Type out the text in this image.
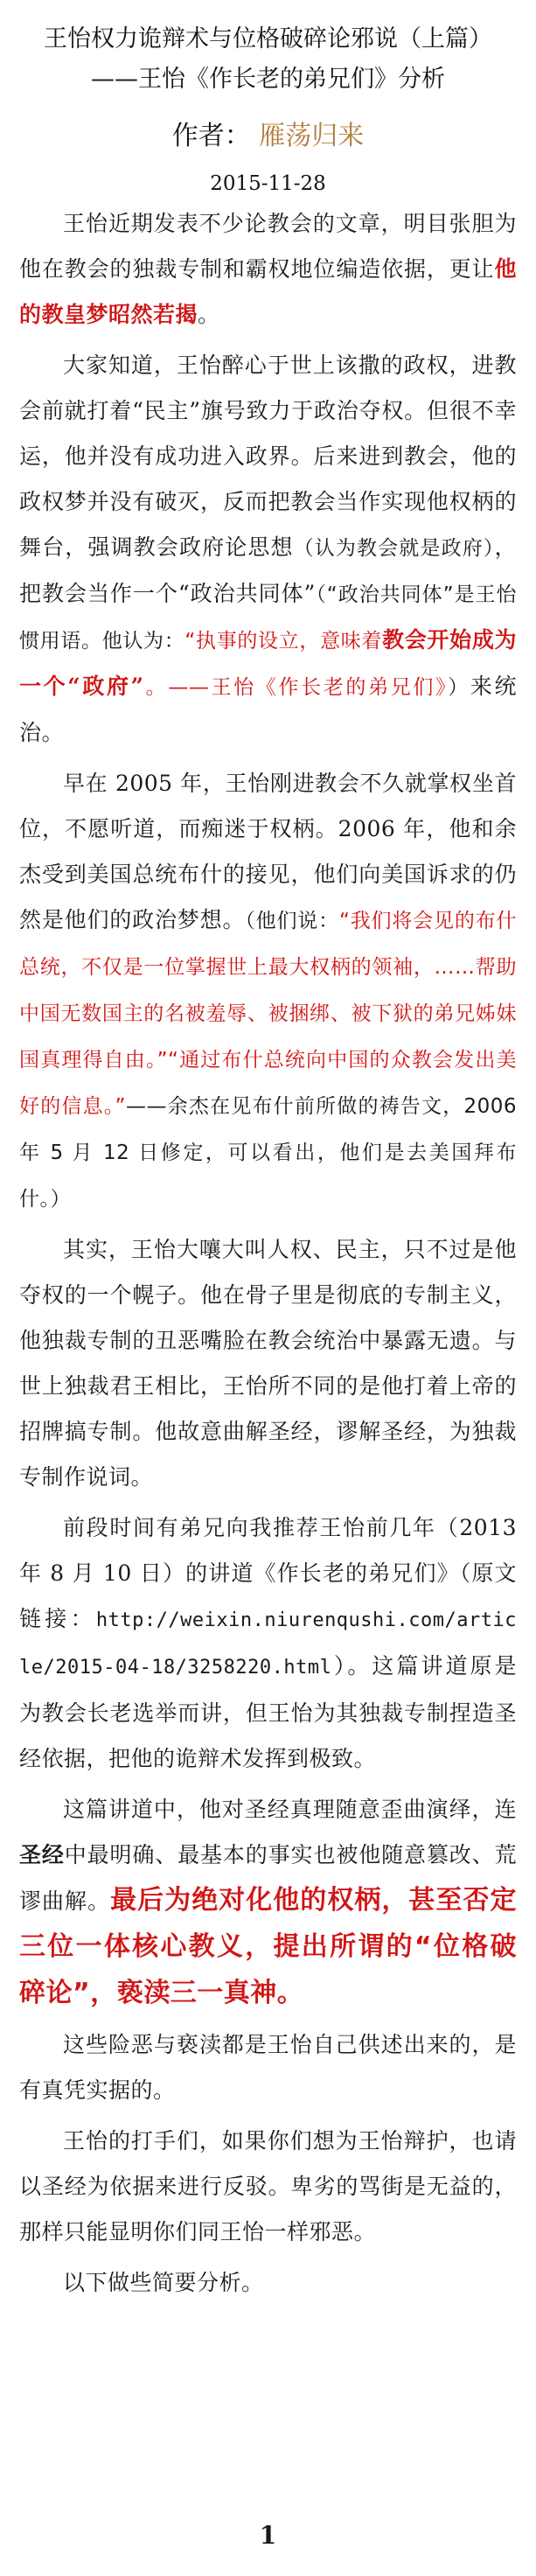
王怡权力诡辩术与位格破碎论邪说（上篇）
——王怡《作长老的弟兄们》分析
作者： 雁荡归来
2015-11-28

王怡近期发表不少论教会的文章，明目张胆为他在教会的独裁专制和霸权地位编造依据，更让他的教皇梦昭然若揭。

大家知道，王怡醉心于世上该撒的政权，进教会前就打着“民主”旗号致力于政治夺权。但很不幸运，他并没有成功进入政界。后来进到教会，他的政权梦并没有破灭，反而把教会当作实现他权柄的舞台，强调教会政府论思想（认为教会就是政府），把教会当作一个“政治共同体”（“政治共同体”是王怡惯用语。他认为：“执事的设立，意味着教会开始成为一个“政府”。——王怡《作长老的弟兄们》）来统治。

早在 2005 年，王怡刚进教会不久就掌权坐首位，不愿听道，而痴迷于权柄。2006 年，他和余杰受到美国总统布什的接见，他们向美国诉求的仍然是他们的政治梦想。（他们说：“我们将会见的布什总统，不仅是一位掌握世上最大权柄的领袖，……帮助中国无数国主的名被羞辱、被捆绑、被下狱的弟兄姊妹国真理得自由。”“通过布什总统向中国的众教会发出美好的信息。”——余杰在见布什前所做的祷告文，2006 年 5 月 12 日修定，可以看出，他们是去美国拜布什。）

其实，王怡大嚷大叫人权、民主，只不过是他夺权的一个幌子。他在骨子里是彻底的专制主义，他独裁专制的丑恶嘴脸在教会统治中暴露无遗。与世上独裁君王相比，王怡所不同的是他打着上帝的招牌搞专制。他故意曲解圣经，谬解圣经，为独裁专制作说词。

前段时间有弟兄向我推荐王怡前几年（2013 年 8 月 10 日）的讲道《作长老的弟兄们》（原文链接：http://weixin.niurenqushi.com/article/2015-04-18/3258220.html）。这篇讲道原是为教会长老选举而讲，但王怡为其独裁专制捏造圣经依据，把他的诡辩术发挥到极致。

这篇讲道中，他对圣经真理随意歪曲演绎，连圣经中最明确、最基本的事实也被他随意篡改、荒谬曲解。最后为绝对化他的权柄，甚至否定三位一体核心教义，提出所谓的“位格破碎论”，亵渎三一真神。

这些险恶与亵渎都是王怡自己供述出来的，是有真凭实据的。

王怡的打手们，如果你们想为王怡辩护，也请以圣经为依据来进行反驳。卑劣的骂街是无益的，那样只能显明你们同王怡一样邪恶。

以下做些简要分析。

1
